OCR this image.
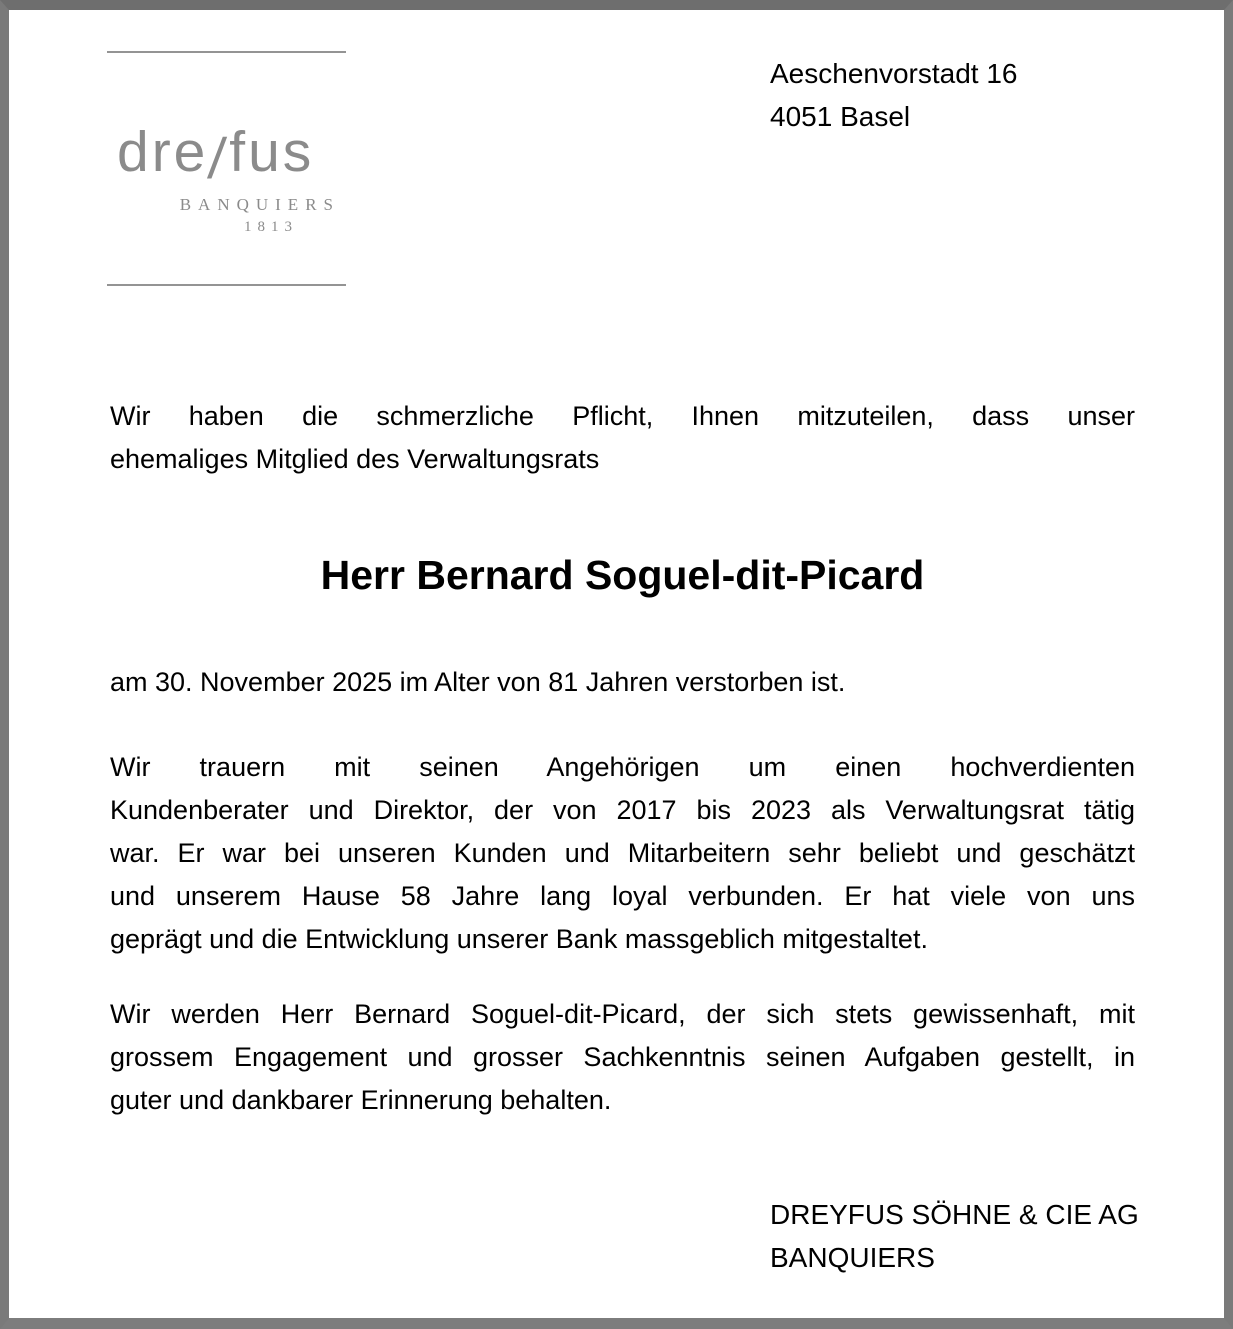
dre/fus
BANQUIERS
1813
Aeschenvorstadt 16
4051 Basel
Wir haben die schmerzliche Pflicht, Ihnen mitzuteilen, dass unser
ehemaliges Mitglied des Verwaltungsrats
Herr Bernard Soguel-dit-Picard
am 30. November 2025 im Alter von 81 Jahren verstorben ist.
Wir trauern mit seinen Angehörigen um einen hochverdienten
Kundenberater und Direktor, der von 2017 bis 2023 als Verwaltungsrat tätig
war. Er war bei unseren Kunden und Mitarbeitern sehr beliebt und geschätzt
und unserem Hause 58 Jahre lang loyal verbunden. Er hat viele von uns
geprägt und die Entwicklung unserer Bank massgeblich mitgestaltet.
Wir werden Herr Bernard Soguel-dit-Picard, der sich stets gewissenhaft, mit
grossem Engagement und grosser Sachkenntnis seinen Aufgaben gestellt, in
guter und dankbarer Erinnerung behalten.
DREYFUS SÖHNE & CIE AG
BANQUIERS
